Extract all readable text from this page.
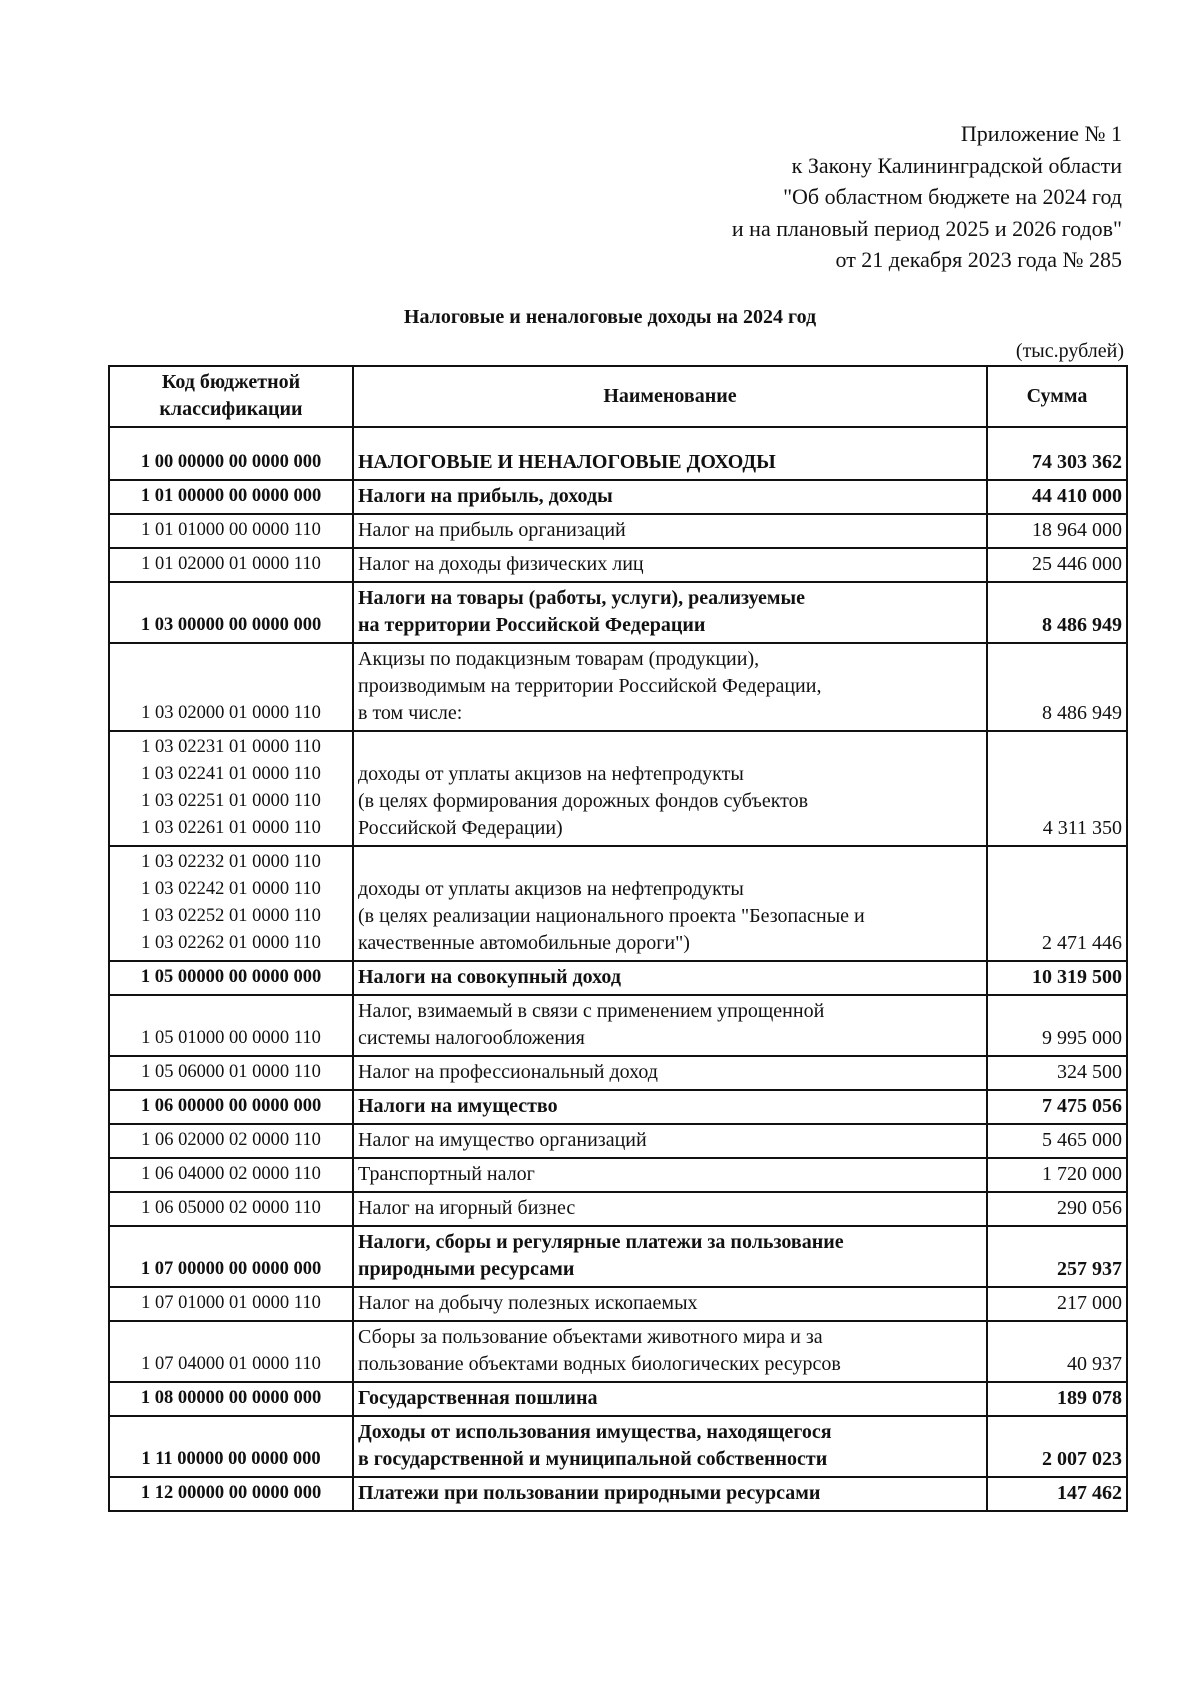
Приложение № 1
к Закону Калининградской области
"Об областном бюджете на 2024 год
и на плановый период 2025 и 2026 годов"
от 21 декабря 2023 года № 285
Налоговые и неналоговые доходы на 2024 год
(тыс.рублей)
Код бюджетной классификации	Наименование	Сумма

1 00 00000 00 0000 000	НАЛОГОВЫЕ И НЕНАЛОГОВЫЕ ДОХОДЫ	74 303 362

1 01 00000 00 0000 000	Налоги на прибыль, доходы	44 410 000

1 01 01000 00 0000 110	Налог на прибыль организаций	18 964 000

1 01 02000 01 0000 110	Налог на доходы физических лиц	25 446 000

1 03 00000 00 0000 000	Налоги на товары (работы, услуги), реализуемые
на территории Российской Федерации	8 486 949

1 03 02000 01 0000 110	Акцизы по подакцизным товарам (продукции),
производимым на территории Российской Федерации,
в том числе:	8 486 949

1 03 02231 01 0000 110
1 03 02241 01 0000 110
1 03 02251 01 0000 110
1 03 02261 01 0000 110	доходы от уплаты акцизов на нефтепродукты
(в целях формирования дорожных фондов субъектов
Российской Федерации)	4 311 350

1 03 02232 01 0000 110
1 03 02242 01 0000 110
1 03 02252 01 0000 110
1 03 02262 01 0000 110	доходы от уплаты акцизов на нефтепродукты
(в целях реализации национального проекта "Безопасные и
качественные автомобильные дороги")	2 471 446

1 05 00000 00 0000 000	Налоги на совокупный доход	10 319 500

1 05 01000 00 0000 110	Налог, взимаемый в связи с применением упрощенной
системы налогообложения	9 995 000

1 05 06000 01 0000 110	Налог на профессиональный доход	324 500

1 06 00000 00 0000 000	Налоги на имущество	7 475 056

1 06 02000 02 0000 110	Налог на имущество организаций	5 465 000

1 06 04000 02 0000 110	Транспортный налог	1 720 000

1 06 05000 02 0000 110	Налог на игорный бизнес	290 056

1 07 00000 00 0000 000	Налоги, сборы и регулярные платежи за пользование
природными ресурсами	257 937

1 07 01000 01 0000 110	Налог на добычу полезных ископаемых	217 000

1 07 04000 01 0000 110	Сборы за пользование объектами животного мира и за
пользование объектами водных биологических ресурсов	40 937

1 08 00000 00 0000 000	Государственная пошлина	189 078

1 11 00000 00 0000 000	Доходы от использования имущества, находящегося
в государственной и муниципальной собственности	2 007 023

1 12 00000 00 0000 000	Платежи при пользовании природными ресурсами	147 462
